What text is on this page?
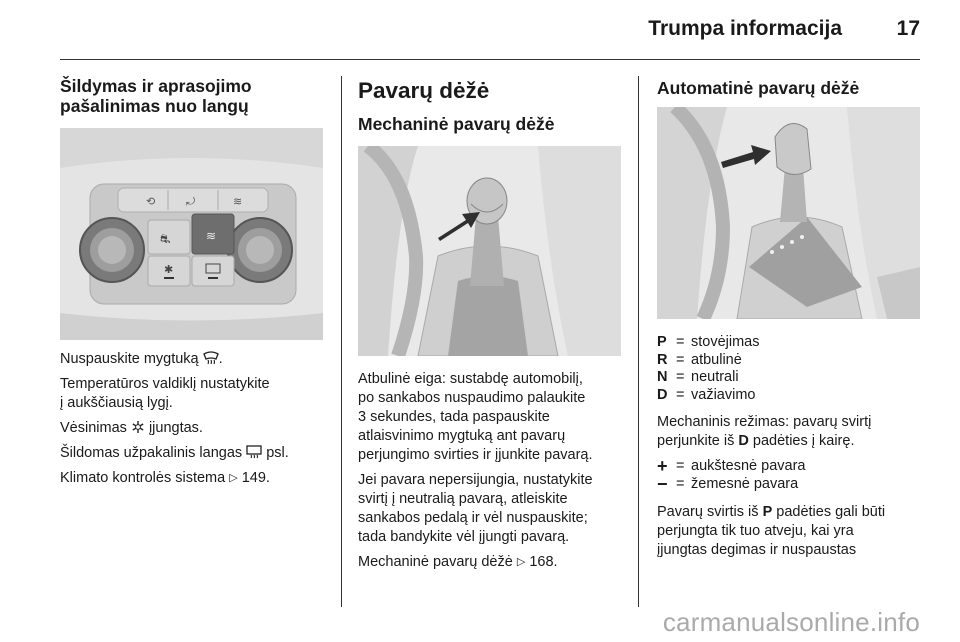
Trumpa informacija	17
Šildymas ir aprasojimo pašalinimas nuo langų
⟲	⤾	≋
⛐	≋
✱

Nuspauskite mygtuką .

Temperatūros valdiklį nustatykite

į aukščiausią lygį.

Vėsinimas įjungtas.

Šildomas užpakalinis langas psl.

Klimato kontrolės sistema ▷ 149.

Pavarų dėžė
Mechaninė pavarų dėžė

Atbulinė eiga: sustabdę automobilį,

po sankabos nuspaudimo palaukite

3 sekundes, tada paspauskite

atlaisvinimo mygtuką ant pavarų

perjungimo svirties ir įjunkite pavarą.

Jei pavara nepersijungia, nustatykite

svirtį į neutralią pavarą, atleiskite

sankabos pedalą ir vėl nuspauskite;

tada bandykite vėl įjungti pavarą.

Mechaninė pavarų dėžė ▷ 168.

Automatinė pavarų dėžė
P = stovėjimas
R = atbulinė
N = neutrali
D = važiavimo

Mechaninis režimas: pavarų svirtį

perjunkite iš D padėties į kairę.

+ = aukštesnė pavara
− = žemesnė pavara

Pavarų svirtis iš P padėties gali būti

perjungta tik tuo atveju, kai yra

įjungtas degimas ir nuspaustas

carmanualsonline.info
